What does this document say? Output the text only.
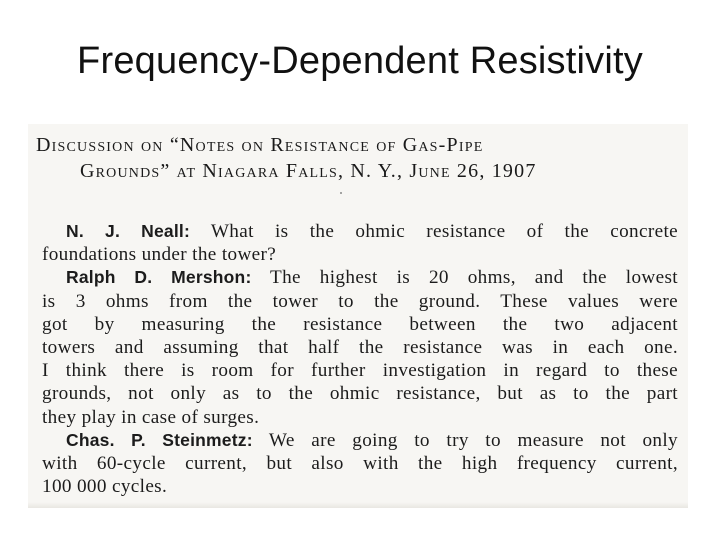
Frequency-Dependent Resistivity
Discussion on “Notes on Resistance of Gas-Pipe
Grounds” at Niagara Falls, N. Y., June 26, 1907
N. J. Neall: What is the ohmic resistance of the concrete
foundations under the tower?
Ralph D. Mershon: The highest is 20 ohms, and the lowest
is 3 ohms from the tower to the ground. These values were
got by measuring the resistance between the two adjacent
towers and assuming that half the resistance was in each one.
I think there is room for further investigation in regard to these
grounds, not only as to the ohmic resistance, but as to the part
they play in case of surges.
Chas. P. Steinmetz: We are going to try to measure not only
with 60-cycle current, but also with the high frequency current,
100 000 cycles.
